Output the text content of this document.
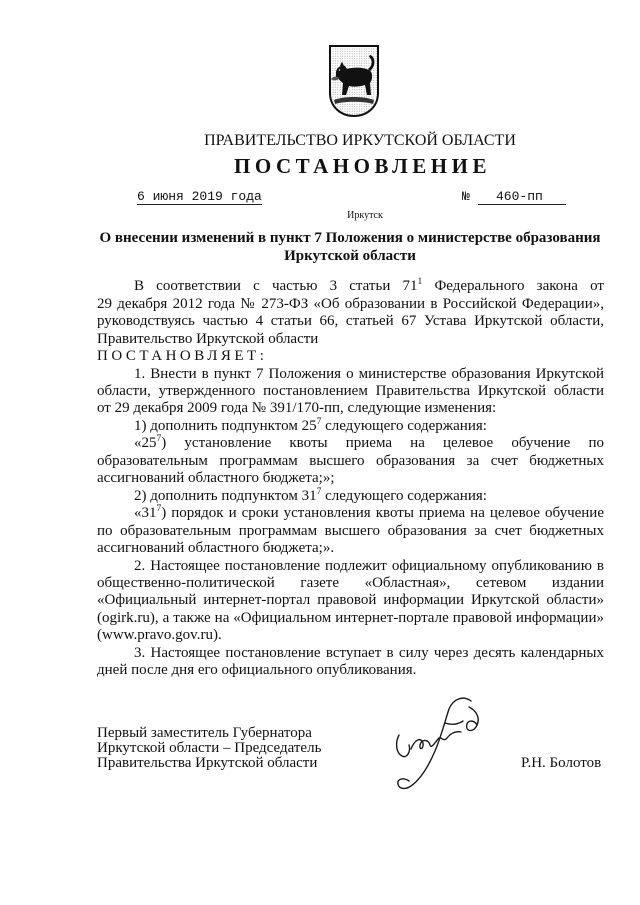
ПРАВИТЕЛЬСТВО ИРКУТСКОЙ ОБЛАСТИ
ПОСТАНОВЛЕНИЕ
6 июня 2019 года	№	460-пп
Иркутск
О внесении изменений в пункт 7 Положения о министерстве образования
Иркутской области
В соответствии с частью 3 статьи $71^1$ Федерального закона от
29 декабря 2012 года № 273-ФЗ «Об образовании в Российской Федерации»,
руководствуясь частью 4 статьи 66, статьей 67 Устава Иркутской области,
Правительство Иркутской области
ПОСТАНОВЛЯЕТ:
1. Внести в пункт 7 Положения о министерстве образования Иркутской
области, утвержденного постановлением Правительства Иркутской области
от 29 декабря 2009 года № 391/170-пп, следующие изменения:
1) дополнить подпунктом $25^7$ следующего содержания:
«$25^7$) установление квоты приема на целевое обучение по
образовательным программам высшего образования за счет бюджетных
ассигнований областного бюджета;»;
2) дополнить подпунктом $31^7$ следующего содержания:
«$31^7$) порядок и сроки установления квоты приема на целевое обучение
по образовательным программам высшего образования за счет бюджетных
ассигнований областного бюджета;».
2. Настоящее постановление подлежит официальному опубликованию в
общественно-политической газете «Областная», сетевом издании
«Официальный интернет-портал правовой информации Иркутской области»
(ogirk.ru), а также на «Официальном интернет-портале правовой информации»
(www.pravo.gov.ru).
3. Настоящее постановление вступает в силу через десять календарных
дней после дня его официального опубликования.
Первый заместитель Губернатора
Иркутской области – Председатель
Правительства Иркутской области	Р.Н. Болотов
